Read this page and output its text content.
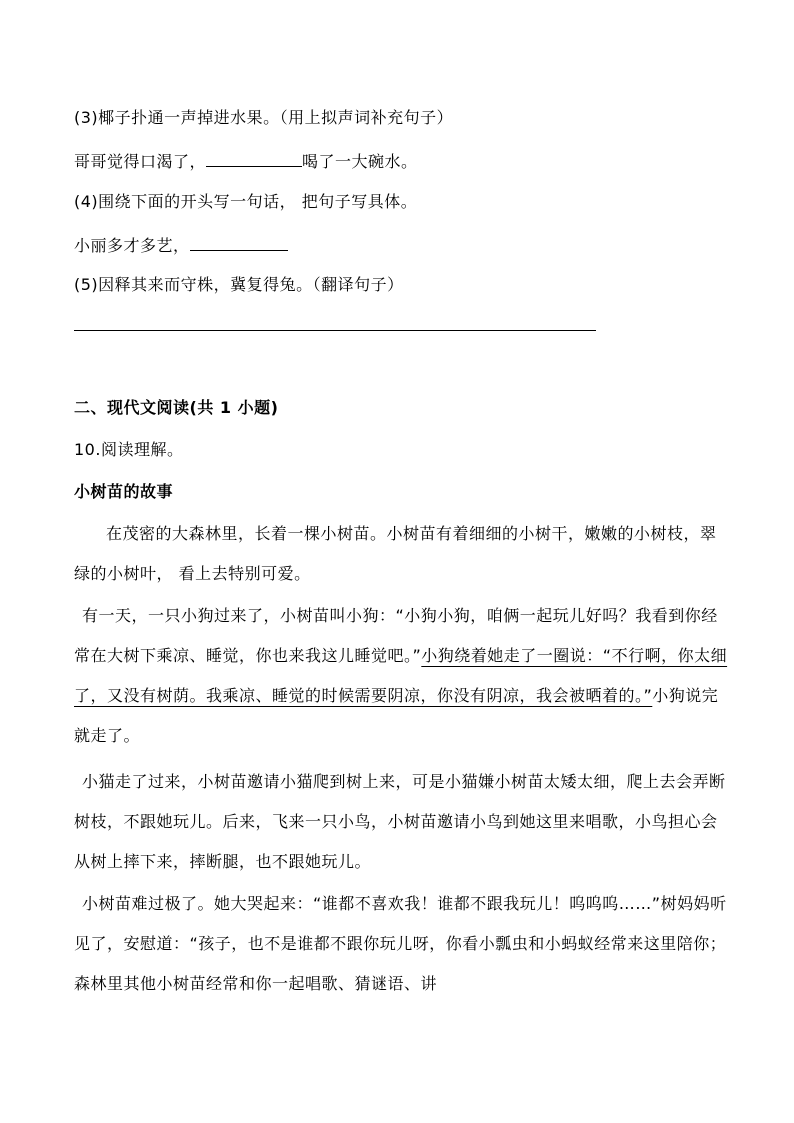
(3)椰子扑通一声掉进水果。（用上拟声词补充句子）
哥哥觉得口渴了，	喝了一大碗水。
(4)围绕下面的开头写一句话， 把句子写具体。
小丽多才多艺，
(5)因释其来而守株，冀复得兔。（翻译句子）
二、现代文阅读(共 1 小题)
10.阅读理解。
小树苗的故事
在茂密的大森林里，长着一棵小树苗。小树苗有着细细的小树干，嫩嫩的小树枝，翠绿的小树叶， 看上去特别可爱。
有一天，一只小狗过来了，小树苗叫小狗：“小狗小狗，咱俩一起玩儿好吗？我看到你经常在大树下乘凉、睡觉，你也来我这儿睡觉吧。”小狗绕着她走了一圈说：“不行啊，你太细了，又没有树荫。我乘凉、睡觉的时候需要阴凉，你没有阴凉，我会被晒着的。”小狗说完就走了。
小猫走了过来，小树苗邀请小猫爬到树上来，可是小猫嫌小树苗太矮太细，爬上去会弄断树枝，不跟她玩儿。后来，飞来一只小鸟，小树苗邀请小鸟到她这里来唱歌，小鸟担心会从树上摔下来，摔断腿，也不跟她玩儿。
小树苗难过极了。她大哭起来：“谁都不喜欢我！谁都不跟我玩儿！呜呜呜……”树妈妈听见了，安慰道：“孩子，也不是谁都不跟你玩儿呀，你看小瓢虫和小蚂蚁经常来这里陪你；森林里其他小树苗经常和你一起唱歌、猜谜语、讲
